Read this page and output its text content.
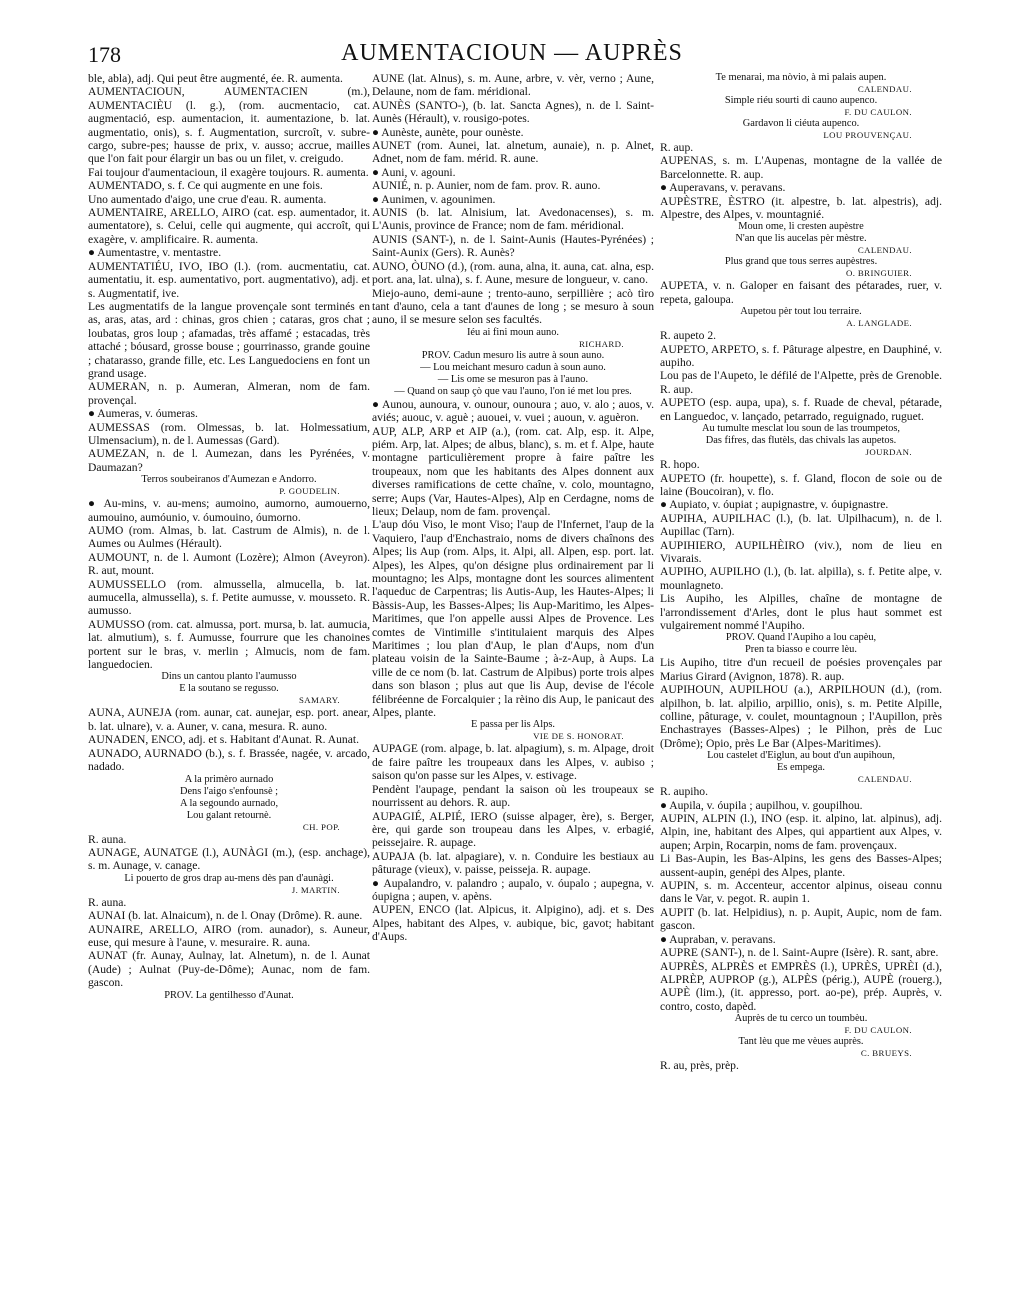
178	AUMENTACIOUN — AUPRÈS

ble, abla), adj. Qui peut être augmenté, ée. R. aumenta.

AUMENTACIOUN, AUMENTACIEN (m.), AUMENTACIÈU (l. g.), (rom. aucmentacio, cat. augmentació, esp. aumentacion, it. aumentazione, b. lat. augmentatio, onis), s. f. Augmentation, surcroît, v. subre-cargo, subre-pes; hausse de prix, v. ausso; accrue, mailles que l'on fait pour élargir un bas ou un filet, v. creigudo.

Fai toujour d'aumentacioun, il exagère toujours. R. aumenta.

AUMENTADO, s. f. Ce qui augmente en une fois.

Uno aumentado d'aigo, une crue d'eau. R. aumenta.

AUMENTAIRE, ARELLO, AIRO (cat. esp. aumentador, it. aumentatore), s. Celui, celle qui augmente, qui accroît, qui exagère, v. amplificaire. R. aumenta.

● Aumentastre, v. mentastre.

AUMENTATIÉU, IVO, IBO (l.). (rom. aucmentatiu, cat. aumentatiu, it. esp. aumentativo, port. augmentativo), adj. et s. Augmentatif, ive.

Les augmentatifs de la langue provençale sont terminés en as, aras, atas, ard : chinas, gros chien ; cataras, gros chat ; loubatas, gros loup ; afamadas, très affamé ; estacadas, très attaché ; bóusard, grosse bouse ; gourrinasso, grande gouine ; chatarasso, grande fille, etc. Les Languedociens en font un grand usage.

AUMERAN, n. p. Aumeran, Almeran, nom de fam. provençal.

● Aumeras, v. óumeras.

AUMESSAS (rom. Olmessas, b. lat. Holmessatium, Ulmensacium), n. de l. Aumessas (Gard).

AUMEZAN, n. de l. Aumezan, dans les Pyrénées, v. Daumazan?

Terros soubeiranos d'Aumezan e Andorro.

P. GOUDELIN.

● Au-mins, v. au-mens; aumoino, aumorno, aumouerno, aumouino, aumóunio, v. óumouino, óumorno.

AUMO (rom. Almas, b. lat. Castrum de Almis), n. de l. Aumes ou Aulmes (Hérault).

AUMOUNT, n. de l. Aumont (Lozère); Almon (Aveyron). R. aut, mount.

AUMUSSELLO (rom. almussella, almucella, b. lat. aumucella, almussella), s. f. Petite aumusse, v. mousseto. R. aumusso.

AUMUSSO (rom. cat. almussa, port. mursa, b. lat. aumucia, lat. almutium), s. f. Aumusse, fourrure que les chanoines portent sur le bras, v. merlin ; Almucis, nom de fam. languedocien.

Dins un cantou planto l'aumusso

E la soutano se regusso.

SAMARY.

AUNA, AUNEJA (rom. aunar, cat. aunejar, esp. port. anear, b. lat. ulnare), v. a. Auner, v. cana, mesura. R. auno.

AUNADEN, ENCO, adj. et s. Habitant d'Aunat. R. Aunat.

AUNADO, AURNADO (b.), s. f. Brassée, nagée, v. arcado, nadado.

A la primèro aurnado

Dens l'aigo s'enfounsè ;

A la segoundo aurnado,

Lou galant retournè.

CH. POP.

R. auna.

AUNAGE, AUNATGE (l.), AUNÀGI (m.), (esp. anchage), s. m. Aunage, v. canage.

Li pouerto de gros drap au-mens dès pan d'aunàgi.

J. MARTIN.

R. auna.

AUNAI (b. lat. Alnaicum), n. de l. Onay (Drôme). R. aune.

AUNAIRE, ARELLO, AIRO (rom. aunador), s. Auneur, euse, qui mesure à l'aune, v. mesuraire. R. auna.

AUNAT (fr. Aunay, Aulnay, lat. Alnetum), n. de l. Aunat (Aude) ; Aulnat (Puy-de-Dôme); Aunac, nom de fam. gascon.

PROV. La gentilhesso d'Aunat.

AUNE (lat. Alnus), s. m. Aune, arbre, v. vèr, verno ; Aune, Delaune, nom de fam. méridional.

AUNÈS (SANTO-), (b. lat. Sancta Agnes), n. de l. Saint-Aunès (Hérault), v. rousigo-potes.

● Aunèste, aunète, pour ounèste.

AUNET (rom. Aunei, lat. alnetum, aunaie), n. p. Alnet, Adnet, nom de fam. mérid. R. aune.

● Auni, v. agouni.

AUNIÉ, n. p. Aunier, nom de fam. prov. R. auno.

● Aunimen, v. agounimen.

AUNIS (b. lat. Alnisium, lat. Avedonacenses), s. m. L'Aunis, province de France; nom de fam. méridional.

AUNIS (SANT-), n. de l. Saint-Aunis (Hautes-Pyrénées) ; Saint-Aunix (Gers). R. Aunès?

AUNO, ÒUNO (d.), (rom. auna, alna, it. auna, cat. alna, esp. port. ana, lat. ulna), s. f. Aune, mesure de longueur, v. cano.

Miejo-auno, demi-aune ; trento-auno, serpillière ; acò tìro tant d'auno, cela a tant d'aunes de long ; se mesuro à soun auno, il se mesure selon ses facultés.

Iéu ai fini moun auno.

RICHARD.

PROV. Cadun mesuro lis autre à soun auno.

— Lou meichant mesuro cadun à soun auno.

— Lis ome se mesuron pas à l'auno.

— Quand on saup çò que vau l'auno, l'on ié met lou pres.

● Aunou, aunoura, v. ounour, ounoura ; auo, v. alo ; auos, v. aviés; auouc, v. aguè ; auouei, v. vuei ; auoun, v. aguèron.

AUP, ALP, ARP et AIP (a.), (rom. cat. Alp, esp. it. Alpe, piém. Arp, lat. Alpes; de albus, blanc), s. m. et f. Alpe, haute montagne particulièrement propre à faire paître les troupeaux, nom que les habitants des Alpes donnent aux diverses ramifications de cette chaîne, v. colo, mountagno, serre; Aups (Var, Hautes-Alpes), Alp en Cerdagne, noms de lieux; Delaup, nom de fam. provençal.

L'aup dóu Viso, le mont Viso; l'aup de l'Infernet, l'aup de la Vaquiero, l'aup d'Enchastraio, noms de divers chaînons des Alpes; lis Aup (rom. Alps, it. Alpi, all. Alpen, esp. port. lat. Alpes), les Alpes, qu'on désigne plus ordinairement par li mountagno; les Alps, montagne dont les sources alimentent l'aqueduc de Carpentras; lis Autis-Aup, les Hautes-Alpes; li Bàssis-Aup, les Basses-Alpes; lis Aup-Maritimo, les Alpes-Maritimes, que l'on appelle aussi Alpes de Provence. Les comtes de Vintimille s'intitulaient marquis des Alpes Maritimes ; lou plan d'Aup, le plan d'Aups, nom d'un plateau voisin de la Sainte-Baume ; à-z-Aup, à Aups. La ville de ce nom (b. lat. Castrum de Alpibus) porte trois alpes dans son blason ; plus aut que lis Aup, devise de l'école félibréenne de Forcalquier ; la rèino dis Aup, le panicaut des Alpes, plante.

E passa per lis Alps.

VIE DE S. HONORAT.

AUPAGE (rom. alpage, b. lat. alpagium), s. m. Alpage, droit de faire paître les troupeaux dans les Alpes, v. aubiso ; saison qu'on passe sur les Alpes, v. estivage.

Pendènt l'aupage, pendant la saison où les troupeaux se nourrissent au dehors. R. aup.

AUPAGIÉ, ALPIÉ, IERO (suisse alpager, ère), s. Berger, ère, qui garde son troupeau dans les Alpes, v. erbagié, peissejaire. R. aupage.

AUPAJA (b. lat. alpagiare), v. n. Conduire les bestiaux au pâturage (vieux), v. paisse, peisseja. R. aupage.

● Aupalandro, v. palandro ; aupalo, v. óupalo ; aupegna, v. óupigna ; aupen, v. apèns.

AUPEN, ENCO (lat. Alpicus, it. Alpigino), adj. et s. Des Alpes, habitant des Alpes, v. aubique, bic, gavot; habitant d'Aups.

Te menarai, ma nòvio, à mi palais aupen.

CALENDAU.

Simple riéu sourti di cauno aupenco.

F. DU CAULON.

Gardavon li ciéuta aupenco.

LOU PROUVENÇAU.

R. aup.

AUPENAS, s. m. L'Aupenas, montagne de la vallée de Barcelonnette. R. aup.

● Auperavans, v. peravans.

AUPÈSTRE, ÈSTRO (it. alpestre, b. lat. alpestris), adj. Alpestre, des Alpes, v. mountagnié.

Moun ome, li cresten aupèstre

N'an que lis aucelas pèr mèstre.

CALENDAU.

Plus grand que tous serres aupèstres.

O. BRINGUIER.

AUPETA, v. n. Galoper en faisant des pétarades, ruer, v. repeta, galoupa.

Aupetou pèr tout lou terraire.

A. LANGLADE.

R. aupeto 2.

AUPETO, ARPETO, s. f. Pâturage alpestre, en Dauphiné, v. aupiho.

Lou pas de l'Aupeto, le défilé de l'Alpette, près de Grenoble. R. aup.

AUPETO (esp. aupa, upa), s. f. Ruade de cheval, pétarade, en Languedoc, v. lançado, petarrado, reguignado, ruguet.

Au tumulte mesclat lou soun de las troumpetos,

Das fifres, das flutèls, das chivals las aupetos.

JOURDAN.

R. hopo.

AUPETO (fr. houpette), s. f. Gland, flocon de soie ou de laine (Boucoiran), v. flo.

● Aupiato, v. óupiat ; aupignastre, v. óupignastre.

AUPIHA, AUPILHAC (l.), (b. lat. Ulpilhacum), n. de l. Aupillac (Tarn).

AUPIHIERO, AUPILHÈIRO (viv.), nom de lieu en Vivarais.

AUPIHO, AUPILHO (l.), (b. lat. alpilla), s. f. Petite alpe, v. mounlagneto.

Lis Aupiho, les Alpilles, chaîne de montagne de l'arrondissement d'Arles, dont le plus haut sommet est vulgairement nommé l'Aupiho.

PROV. Quand l'Aupiho a lou capèu,

Pren ta biasso e courre lèu.

Lis Aupiho, titre d'un recueil de poésies provençales par Marius Girard (Avignon, 1878). R. aup.

AUPIHOUN, AUPILHOU (a.), ARPILHOUN (d.), (rom. alpilhon, b. lat. alpilio, arpillio, onis), s. m. Petite Alpille, colline, pâturage, v. coulet, mountagnoun ; l'Aupillon, près Enchastrayes (Basses-Alpes) ; le Pilhon, près de Luc (Drôme); Opio, près Le Bar (Alpes-Maritimes).

Lou castelet d'Eiglun, au bout d'un aupihoun,

Es empega.

CALENDAU.

R. aupiho.

● Aupila, v. óupila ; aupilhou, v. goupilhou.

AUPIN, ALPIN (l.), INO (esp. it. alpino, lat. alpinus), adj. Alpin, ine, habitant des Alpes, qui appartient aux Alpes, v. aupen; Arpin, Rocarpin, noms de fam. provençaux.

Li Bas-Aupin, les Bas-Alpins, les gens des Basses-Alpes; aussent-aupin, genépi des Alpes, plante.

AUPIN, s. m. Accenteur, accentor alpinus, oiseau connu dans le Var, v. pegot. R. aupin 1.

AUPIT (b. lat. Helpidius), n. p. Aupit, Aupic, nom de fam. gascon.

● Aupraban, v. peravans.

AUPRE (SANT-), n. de l. Saint-Aupre (Isère). R. sant, abre.

AUPRÈS, ALPRÈS et EMPRÈS (l.), UPRÈS, UPRÈI (d.), ALPRÈP, AUPROP (g.), ALPÈS (périg.), AUPÈ (rouerg.), AUPÈ (lim.), (it. appresso, port. ao-pe), prép. Auprès, v. contro, costo, dapèd.

Auprès de tu cerco un toumbèu.

F. DU CAULON.

Tant lèu que me vèues auprès.

C. BRUEYS.

R. au, près, prèp.
